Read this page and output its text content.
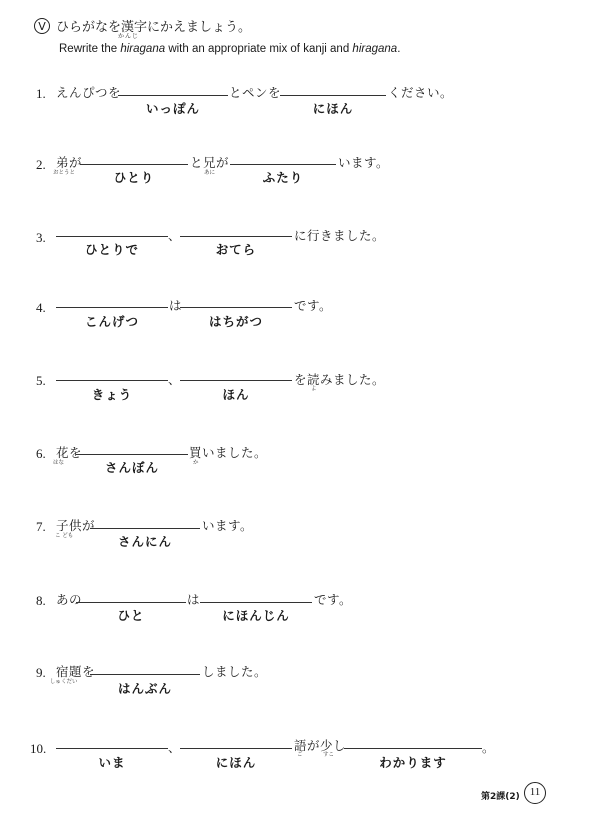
V ひらがなを漢字にかえましょう。
かんじ
Rewrite the hiragana with an appropriate mix of kanji and hiragana.
1. えんぴつを
いっぽん
とペンを
にほん
ください。
2. 弟が
おとうと	ひとり
と兄が
あに	ふたり
います。
3.
ひとりで
、
おてら
に行きました。
4.
こんげつ
は
はちがつ
です。
5.
きょう
、
ほん
を読みました。
よ
6. 花を
はな	さんぼん
買いました。
か
7. 子供が
こ ども	さんにん
います。
8. あの
ひと
は
にほんじん
です。
9. 宿題を
しゅくだい	はんぶん
しました。
10.
いま
、
にほん
語が少し
ご	すこ	わかります
。
第2課(2) 11
